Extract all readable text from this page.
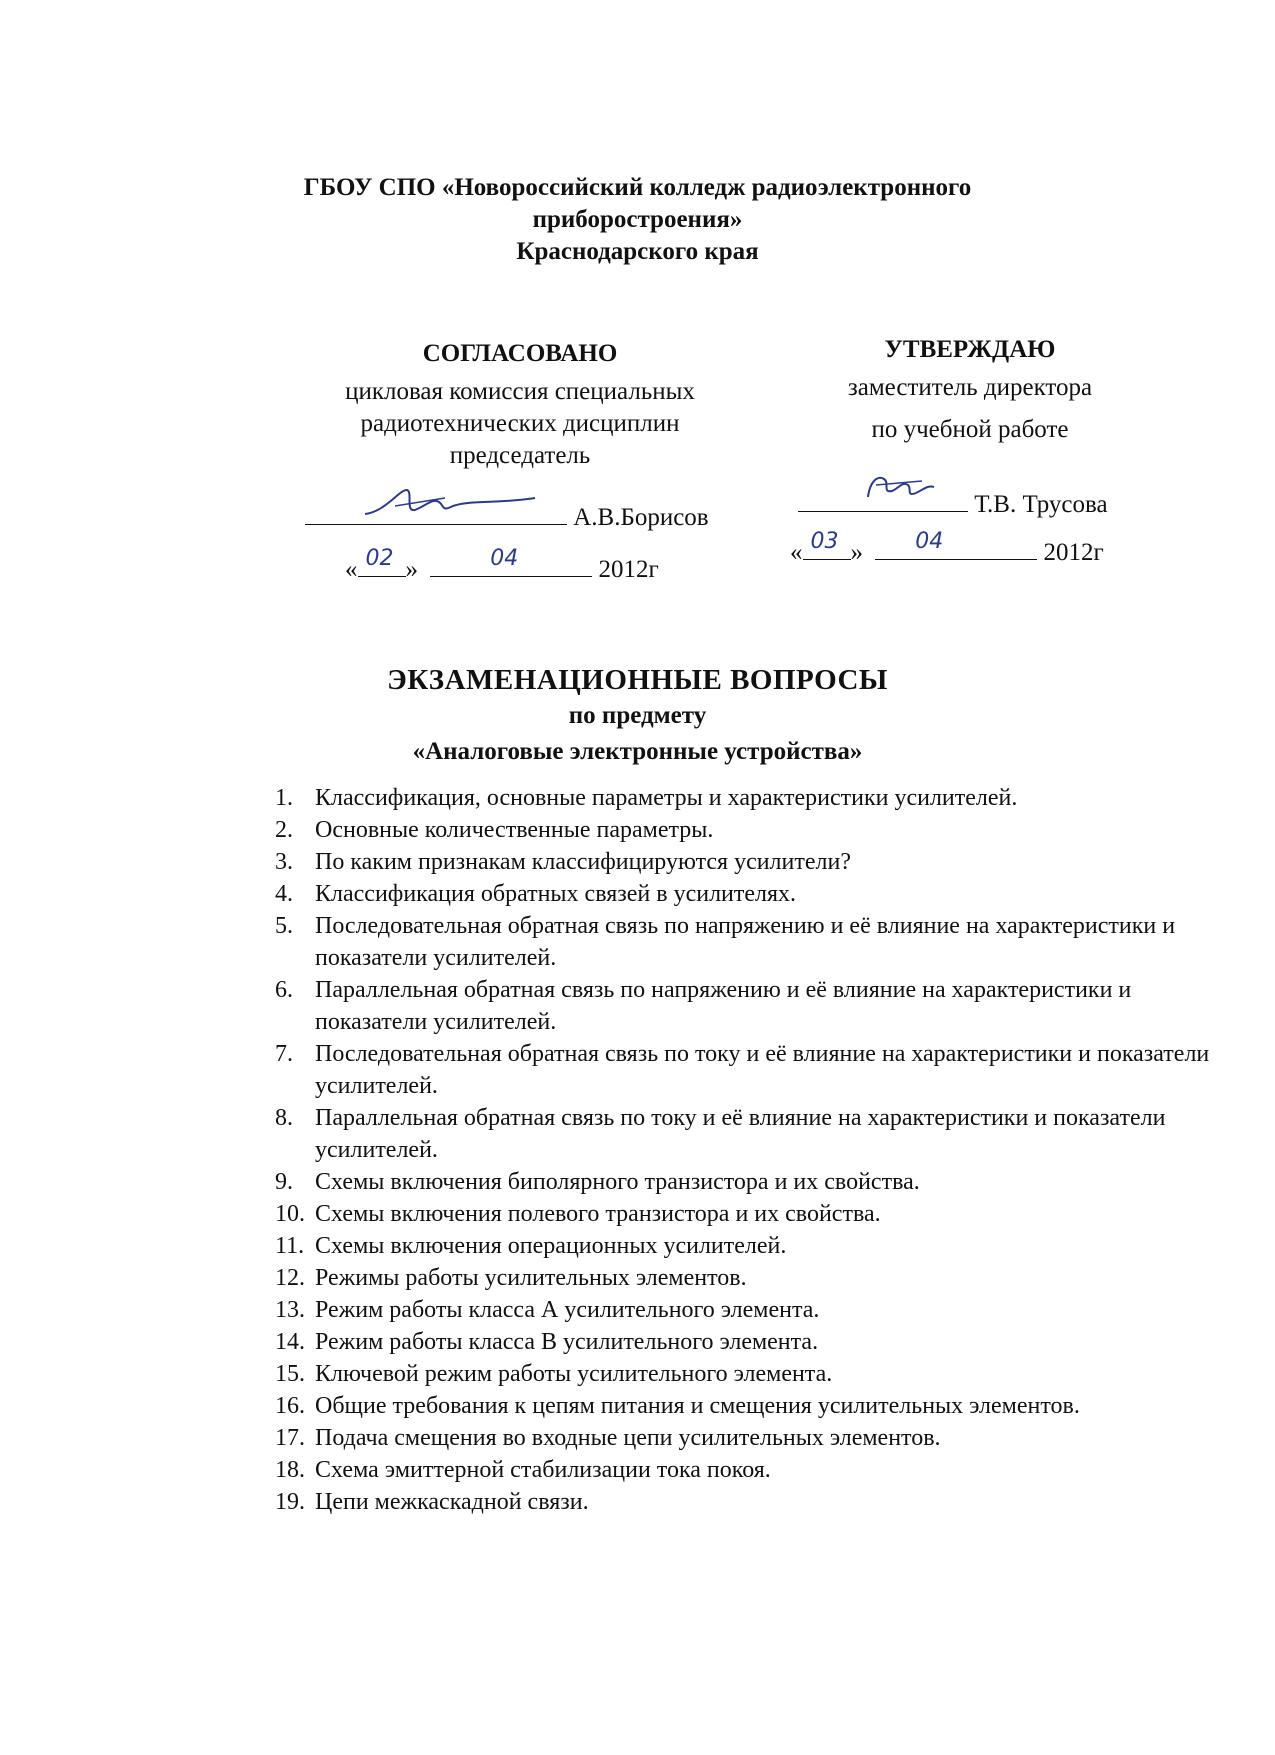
ГБОУ СПО «Новороссийский колледж радиоэлектронного
приборостроения»
Краснодарского края
СОГЛАСОВАНО
цикловая комиссия специальных
радиотехнических дисциплин
председатель
А.В.Борисов
« 02 »	04	2012г
УТВЕРЖДАЮ
заместитель директора
по учебной работе
Т.В. Трусова
« 03 » 04	2012г
ЭКЗАМЕНАЦИОННЫЕ ВОПРОСЫ
по предмету
«Аналоговые электронные устройства»
1. Классификация, основные параметры и характеристики усилителей.
2. Основные количественные параметры.
3. По каким признакам классифицируются усилители?
4. Классификация обратных связей в усилителях.
5. Последовательная обратная связь по напряжению и её влияние на характеристики и показатели усилителей.
6. Параллельная обратная связь по напряжению и её влияние на характеристики и показатели усилителей.
7. Последовательная обратная связь по току и её влияние на характеристики и показатели усилителей.
8. Параллельная обратная связь по току и её влияние на характеристики и показатели усилителей.
9. Схемы включения биполярного транзистора и их свойства.
10. Схемы включения полевого транзистора и их свойства.
11. Схемы включения операционных усилителей.
12. Режимы работы усилительных элементов.
13. Режим работы класса А усилительного элемента.
14. Режим работы класса В усилительного элемента.
15. Ключевой режим работы усилительного элемента.
16. Общие требования к цепям питания и смещения усилительных элементов.
17. Подача смещения во входные цепи усилительных элементов.
18. Схема эмиттерной стабилизации тока покоя.
19. Цепи межкаскадной связи.
